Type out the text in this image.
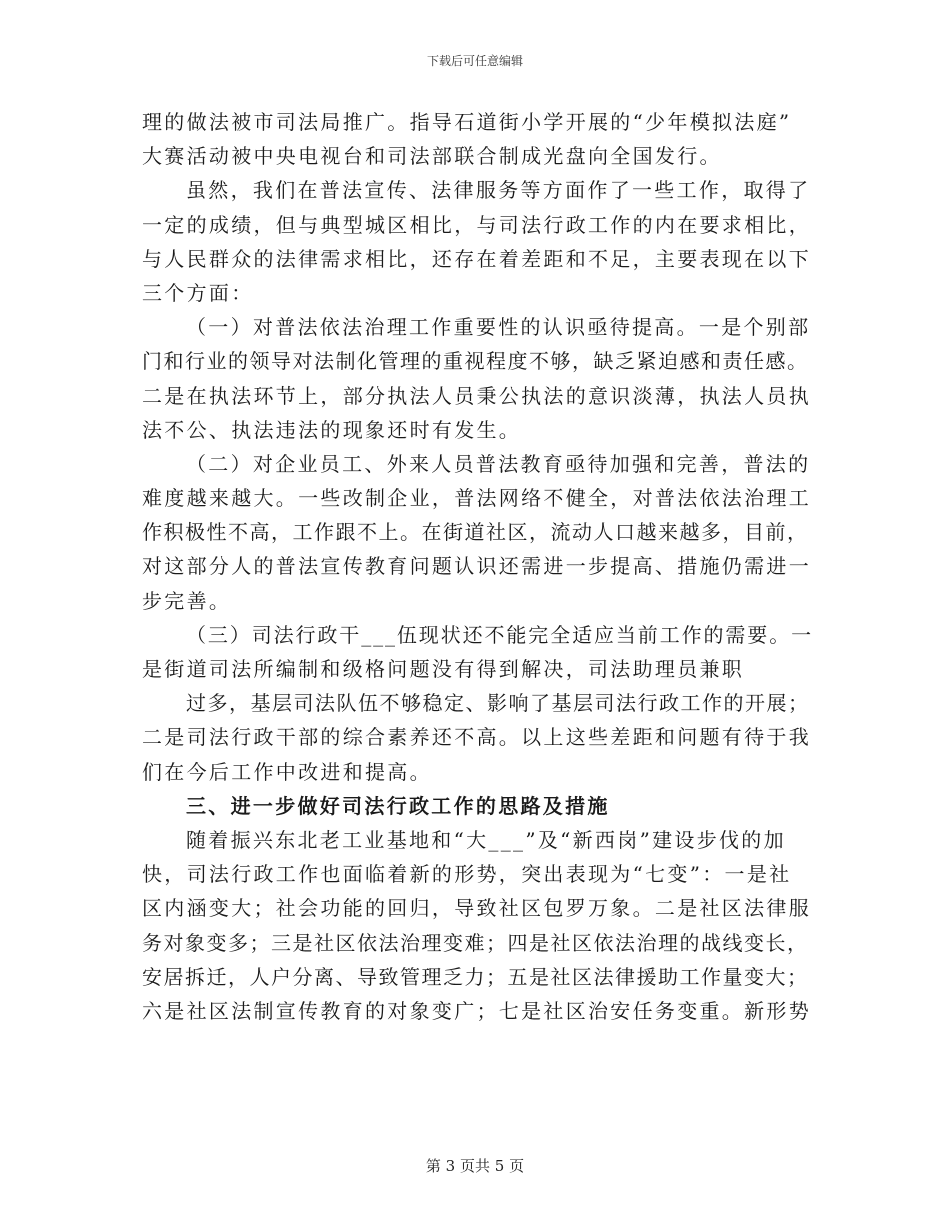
下载后可任意编辑
理的做法被市司法局推广。指导石道街小学开展的“少年模拟法庭”
大赛活动被中央电视台和司法部联合制成光盘向全国发行。
虽然，我们在普法宣传、法律服务等方面作了一些工作，取得了
一定的成绩，但与典型城区相比，与司法行政工作的内在要求相比，
与人民群众的法律需求相比，还存在着差距和不足，主要表现在以下
三个方面：
（一）对普法依法治理工作重要性的认识亟待提高。一是个别部
门和行业的领导对法制化管理的重视程度不够，缺乏紧迫感和责任感。
二是在执法环节上，部分执法人员秉公执法的意识淡薄，执法人员执
法不公、执法违法的现象还时有发生。
（二）对企业员工、外来人员普法教育亟待加强和完善，普法的
难度越来越大。一些改制企业，普法网络不健全，对普法依法治理工
作积极性不高，工作跟不上。在街道社区，流动人口越来越多，目前，
对这部分人的普法宣传教育问题认识还需进一步提高、措施仍需进一
步完善。
（三）司法行政干___伍现状还不能完全适应当前工作的需要。一
是街道司法所编制和级格问题没有得到解决，司法助理员兼职
过多，基层司法队伍不够稳定、影响了基层司法行政工作的开展；
二是司法行政干部的综合素养还不高。以上这些差距和问题有待于我
们在今后工作中改进和提高。
三、进一步做好司法行政工作的思路及措施
随着振兴东北老工业基地和“大___”及“新西岗”建设步伐的加
快，司法行政工作也面临着新的形势，突出表现为“七变”：一是社
区内涵变大；社会功能的回归，导致社区包罗万象。二是社区法律服
务对象变多；三是社区依法治理变难；四是社区依法治理的战线变长，
安居拆迁，人户分离、导致管理乏力；五是社区法律援助工作量变大；
六是社区法制宣传教育的对象变广；七是社区治安任务变重。新形势
第 3 页共 5 页
